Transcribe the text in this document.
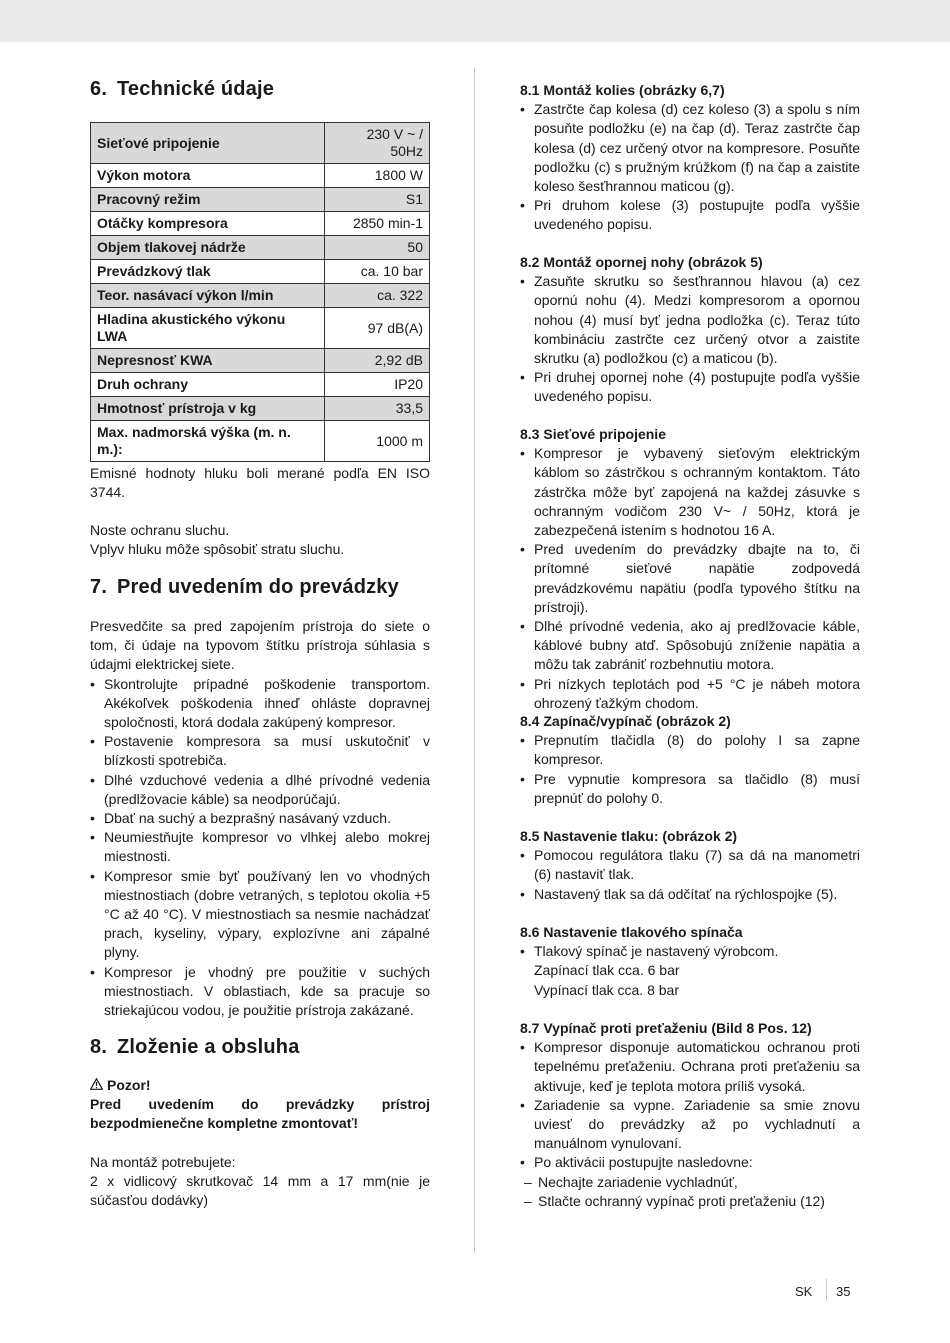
6. Technické údaje
Sieťové pripojenie	230 V ~ / 50Hz
Výkon motora	1800 W
Pracovný režim	S1
Otáčky kompresora	2850 min-1
Objem tlakovej nádrže	50
Prevádzkový tlak	ca. 10 bar
Teor. nasávací výkon l/min	ca. 322
Hladina akustického výkonu LWA	97 dB(A)
Nepresnosť KWA	2,92 dB
Druh ochrany	IP20
Hmotnosť prístroja v kg	33,5
Max. nadmorská výška (m. n. m.):	1000 m

Emisné hodnoty hluku boli merané podľa EN ISO 3744.

Noste ochranu sluchu.

Vplyv hluku môže spôsobiť stratu sluchu.

7. Pred uvedením do prevádzky

Presvedčite sa pred zapojením prístroja do siete o tom, či údaje na typovom štítku prístroja súhlasia s údajmi elektrickej siete.

• Skontrolujte prípadné poškodenie transportom. Akékoľvek poškodenia ihneď ohláste dopravnej spoločnosti, ktorá dodala zakúpený kompresor.
• Postavenie kompresora sa musí uskutočniť v blízkosti spotrebiča.
• Dlhé vzduchové vedenia a dlhé prívodné vedenia (predlžovacie káble) sa neodporúčajú.
• Dbať na suchý a bezprašný nasávaný vzduch.
• Neumiestňujte kompresor vo vlhkej alebo mokrej miestnosti.
• Kompresor smie byť používaný len vo vhodných miestnostiach (dobre vetraných, s teplotou okolia +5 °C až 40 °C). V miestnostiach sa nesmie nachádzať prach, kyseliny, výpary, explozívne ani zápalné plyny.
• Kompresor je vhodný pre použitie v suchých miestnostiach. V oblastiach, kde sa pracuje so striekajúcou vodou, je použitie prístroja zakázané.
8. Zloženie a obsluha

Pozor!

Pred uvedením do prevádzky prístroj bezpodmienečne kompletne zmontovať!

Na montáž potrebujete:

2 x vidlicový skrutkovač 14 mm a 17 mm(nie je súčasťou dodávky)

8.1 Montáž kolies (obrázky 6,7)

• Zastrčte čap kolesa (d) cez koleso (3) a spolu s ním posuňte podložku (e) na čap (d). Teraz zastrčte čap kolesa (d) cez určený otvor na kompresore. Posuňte podložku (c) s pružným krúžkom (f) na čap a zaistite koleso šesťhrannou maticou (g).
• Pri druhom kolese (3) postupujte podľa vyššie uvedeného popisu.

8.2 Montáž opornej nohy (obrázok 5)

• Zasuňte skrutku so šesťhrannou hlavou (a) cez opornú nohu (4). Medzi kompresorom a opornou nohou (4) musí byť jedna podložka (c). Teraz túto kombináciu zastrčte cez určený otvor a zaistite skrutku (a) podložkou (c) a maticou (b).
• Pri druhej opornej nohe (4) postupujte podľa vyššie uvedeného popisu.

8.3 Sieťové pripojenie

• Kompresor je vybavený sieťovým elektrickým káblom so zástrčkou s ochranným kontaktom. Táto zástrčka môže byť zapojená na každej zásuvke s ochranným vodičom 230 V~ / 50Hz, ktorá je zabezpečená istením s hodnotou 16 A.
• Pred uvedením do prevádzky dbajte na to, či prítomné sieťové napätie zodpovedá prevádzkovému napätiu (podľa typového štítku na prístroji).
• Dlhé prívodné vedenia, ako aj predlžovacie káble, káblové bubny atď. Spôsobujú zníženie napätia a môžu tak zabrániť rozbehnutiu motora.
• Pri nízkych teplotách pod +5 °C je nábeh motora ohrozený ťažkým chodom.

8.4 Zapínač/vypínač (obrázok 2)

• Prepnutím tlačidla (8) do polohy I sa zapne kompresor.
• Pre vypnutie kompresora sa tlačidlo (8) musí prepnúť do polohy 0.

8.5 Nastavenie tlaku: (obrázok 2)

• Pomocou regulátora tlaku (7) sa dá na manometri (6) nastaviť tlak.
• Nastavený tlak sa dá odčítať na rýchlospojke (5).

8.6 Nastavenie tlakového spínača

• Tlakový spínač je nastavený výrobcom.
Zapínací tlak cca. 6 bar
Vypínací tlak cca. 8 bar

8.7 Vypínač proti preťaženiu (Bild 8 Pos. 12)

• Kompresor disponuje automatickou ochranou proti tepelnému preťaženiu. Ochrana proti preťaženiu sa aktivuje, keď je teplota motora príliš vysoká.
• Zariadenie sa vypne. Zariadenie sa smie znovu uviesť do prevádzky až po vychladnutí a manuálnom vynulovaní.
• Po aktivácii postupujte nasledovne:
– Nechajte zariadenie vychladnúť,
– Stlačte ochranný vypínač proti preťaženiu (12)
SK 35
